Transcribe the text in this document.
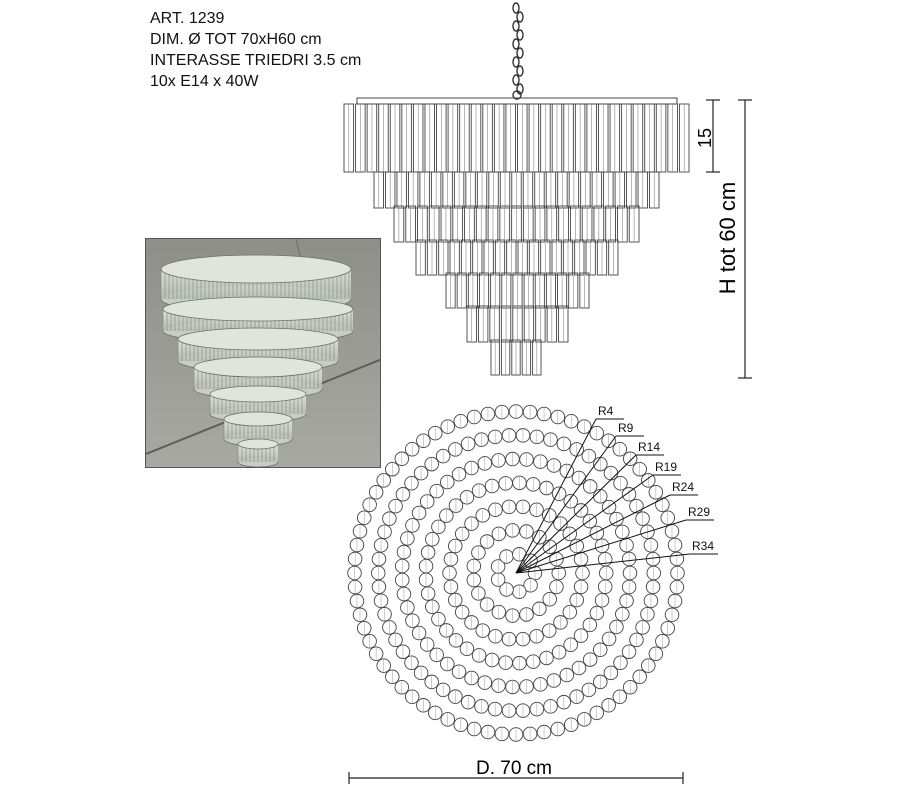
ART. 1239
DIM. Ø TOT 70xH60 cm
INTERASSE TRIEDRI 3.5 cm
10x E14 x 40W
15
H tot 60 cm
R4
R9
R14
R19
R24
R29
R34
D. 70 cm
